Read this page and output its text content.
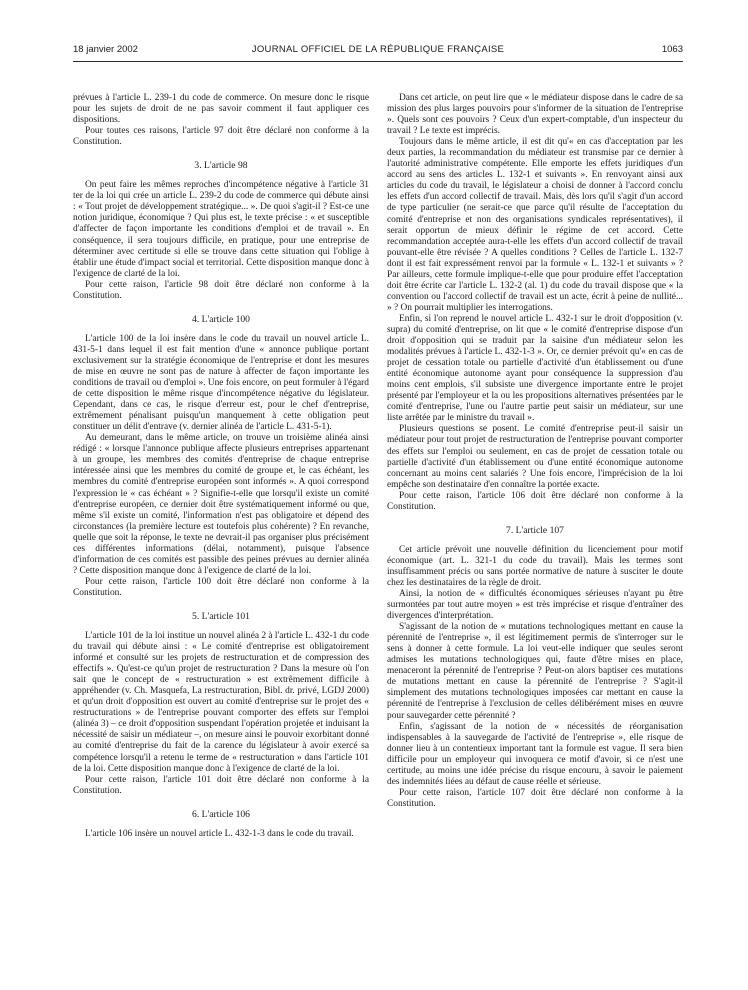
18 janvier 2002	JOURNAL OFFICIEL DE LA RÉPUBLIQUE FRANÇAISE	1063

prévues à l'article L. 239-1 du code de commerce. On mesure donc le risque pour les sujets de droit de ne pas savoir comment il faut appliquer ces dispositions.

Pour toutes ces raisons, l'article 97 doit être déclaré non conforme à la Constitution.

3. L'article 98

On peut faire les mêmes reproches d'incompétence négative à l'article 31 ter de la loi qui crée un article L. 239-2 du code de commerce qui débute ainsi : « Tout projet de développement stratégique... ». De quoi s'agit-il ? Est-ce une notion juridique, économique ? Qui plus est, le texte précise : « et susceptible d'affecter de façon importante les conditions d'emploi et de travail ». En conséquence, il sera toujours difficile, en pratique, pour une entreprise de déterminer avec certitude si elle se trouve dans cette situation qui l'oblige à établir une étude d'impact social et territorial. Cette disposition manque donc à l'exigence de clarté de la loi.

Pour cette raison, l'article 98 doit être déclaré non conforme à la Constitution.

4. L'article 100

L'article 100 de la loi insère dans le code du travail un nouvel article L. 431-5-1 dans lequel il est fait mention d'une « annonce publique portant exclusivement sur la stratégie économique de l'entreprise et dont les mesures de mise en œuvre ne sont pas de nature à affecter de façon importante les conditions de travail ou d'emploi ». Une fois encore, on peut formuler à l'égard de cette disposition le même risque d'incompétence négative du législateur. Cependant, dans ce cas, le risque d'erreur est, pour le chef d'entreprise, extrêmement pénalisant puisqu'un manquement à cette obligation peut constituer un délit d'entrave (v. dernier alinéa de l'article L. 431-5-1).

Au demeurant, dans le même article, on trouve un troisième alinéa ainsi rédigé : « lorsque l'annonce publique affecte plusieurs entreprises appartenant à un groupe, les membres des comités d'entreprise de chaque entreprise intéressée ainsi que les membres du comité de groupe et, le cas échéant, les membres du comité d'entreprise européen sont informés ». A quoi correspond l'expression le « cas échéant » ? Signifie-t-elle que lorsqu'il existe un comité d'entreprise européen, ce dernier doit être systématiquement informé ou que, même s'il existe un comité, l'information n'est pas obligatoire et dépend des circonstances (la première lecture est toutefois plus cohérente) ? En revanche, quelle que soit la réponse, le texte ne devrait-il pas organiser plus précisément ces différentes informations (délai, notamment), puisque l'absence d'information de ces comités est passible des peines prévues au dernier alinéa ? Cette disposition manque donc à l'exigence de clarté de la loi.

Pour cette raison, l'article 100 doit être déclaré non conforme à la Constitution.

5. L'article 101

L'article 101 de la loi institue un nouvel alinéa 2 à l'article L. 432-1 du code du travail qui débute ainsi : « Le comité d'entreprise est obligatoirement informé et consulté sur les projets de restructuration et de compression des effectifs ». Qu'est-ce qu'un projet de restructuration ? Dans la mesure où l'on sait que le concept de « restructuration » est extrêmement difficile à appréhender (v. Ch. Masquefa, La restructuration, Bibl. dr. privé, LGDJ 2000) et qu'un droit d'opposition est ouvert au comité d'entreprise sur le projet des « restructurations » de l'entreprise pouvant comporter des effets sur l'emploi (alinéa 3) – ce droit d'opposition suspendant l'opération projetée et induisant la nécessité de saisir un médiateur –, on mesure ainsi le pouvoir exorbitant donné au comité d'entreprise du fait de la carence du législateur à avoir exercé sa compétence lorsqu'il a retenu le terme de « restructuration » dans l'article 101 de la loi. Cette disposition manque donc à l'exigence de clarté de la loi.

Pour cette raison, l'article 101 doit être déclaré non conforme à la Constitution.

6. L'article 106

L'article 106 insère un nouvel article L. 432-1-3 dans le code du travail.

Dans cet article, on peut lire que « le médiateur dispose dans le cadre de sa mission des plus larges pouvoirs pour s'informer de la situation de l'entreprise ». Quels sont ces pouvoirs ? Ceux d'un expert-comptable, d'un inspecteur du travail ? Le texte est imprécis.

Toujours dans le même article, il est dit qu'« en cas d'acceptation par les deux parties, la recommandation du médiateur est transmise par ce dernier à l'autorité administrative compétente. Elle emporte les effets juridiques d'un accord au sens des articles L. 132-1 et suivants ». En renvoyant ainsi aux articles du code du travail, le législateur a choisi de donner à l'accord conclu les effets d'un accord collectif de travail. Mais, dès lors qu'il s'agit d'un accord de type particulier (ne serait-ce que parce qu'il résulte de l'acceptation du comité d'entreprise et non des organisations syndicales représentatives), il serait opportun de mieux définir le régime de cet accord. Cette recommandation acceptée aura-t-elle les effets d'un accord collectif de travail pouvant-elle être révisée ? A quelles conditions ? Celles de l'article L. 132-7 dont il est fait expressément renvoi par la formule « L. 132-1 et suivants » ? Par ailleurs, cette formule implique-t-elle que pour produire effet l'acceptation doit être écrite car l'article L. 132-2 (al. 1) du code du travail dispose que « la convention ou l'accord collectif de travail est un acte, écrit à peine de nullité... » ? On pourrait multiplier les interrogations.

Enfin, si l'on reprend le nouvel article L. 432-1 sur le droit d'opposition (v. supra) du comité d'entreprise, on lit que « le comité d'entreprise dispose d'un droit d'opposition qui se traduit par la saisine d'un médiateur selon les modalités prévues à l'article L. 432-1-3 ». Or, ce dernier prévoit qu'« en cas de projet de cessation totale ou partielle d'activité d'un établissement ou d'une entité économique autonome ayant pour conséquence la suppression d'au moins cent emplois, s'il subsiste une divergence importante entre le projet présenté par l'employeur et la ou les propositions alternatives présentées par le comité d'entreprise, l'une ou l'autre partie peut saisir un médiateur, sur une liste arrêtée par le ministre du travail ».

Plusieurs questions se posent. Le comité d'entreprise peut-il saisir un médiateur pour tout projet de restructuration de l'entreprise pouvant comporter des effets sur l'emploi ou seulement, en cas de projet de cessation totale ou partielle d'activité d'un établissement ou d'une entité économique autonome concernant au moins cent salariés ? Une fois encore, l'imprécision de la loi empêche son destinataire d'en connaître la portée exacte.

Pour cette raison, l'article 106 doit être déclaré non conforme à la Constitution.

7. L'article 107

Cet article prévoit une nouvelle définition du licenciement pour motif économique (art. L. 321-1 du code du travail). Mais les termes sont insuffisamment précis ou sans portée normative de nature à susciter le doute chez les destinataires de la règle de droit.

Ainsi, la notion de « difficultés économiques sérieuses n'ayant pu être surmontées par tout autre moyen » est très imprécise et risque d'entraîner des divergences d'interprétation.

S'agissant de la notion de « mutations technologiques mettant en cause la pérennité de l'entreprise », il est légitimement permis de s'interroger sur le sens à donner à cette formule. La loi veut-elle indiquer que seules seront admises les mutations technologiques qui, faute d'être mises en place, menaceront la pérennité de l'entreprise ? Peut-on alors baptiser ces mutations de mutations mettant en cause la pérennité de l'entreprise ? S'agit-il simplement des mutations technologiques imposées car mettant en cause la pérennité de l'entreprise à l'exclusion de celles délibérément mises en œuvre pour sauvegarder cette pérennité ?

Enfin, s'agissant de la notion de « nécessités de réorganisation indispensables à la sauvegarde de l'activité de l'entreprise », elle risque de donner lieu à un contentieux important tant la formule est vague. Il sera bien difficile pour un employeur qui invoquera ce motif d'avoir, si ce n'est une certitude, au moins une idée précise du risque encouru, à savoir le paiement des indemnités liées au défaut de cause réelle et sérieuse.

Pour cette raison, l'article 107 doit être déclaré non conforme à la Constitution.
